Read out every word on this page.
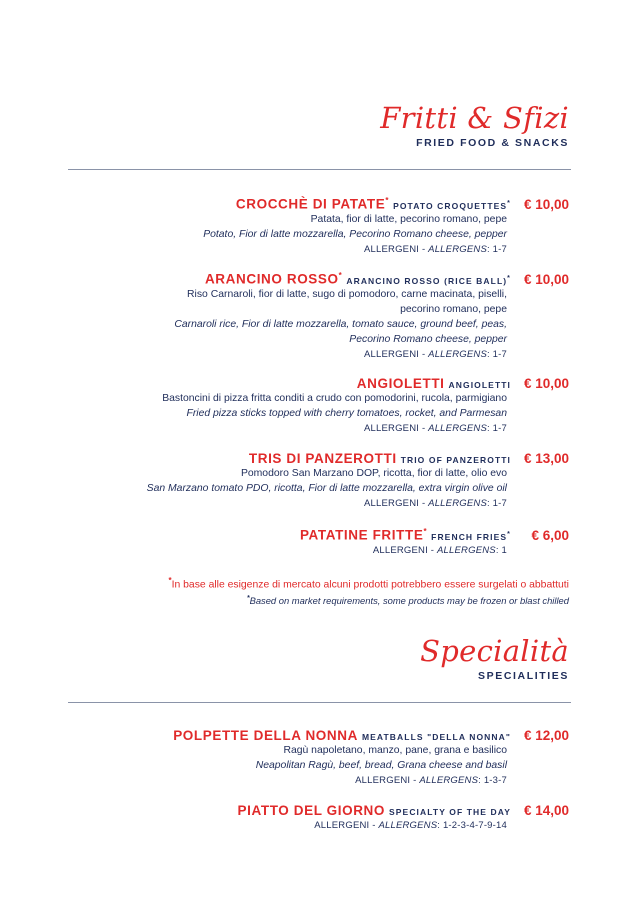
Fritti & Sfizi
FRIED FOOD & SNACKS
CROCCHÈ DI PATATE* POTATO CROQUETTES* € 10,00
Patata, fior di latte, pecorino romano, pepe
Potato, Fior di latte mozzarella, Pecorino Romano cheese, pepper
ALLERGENI - ALLERGENS: 1-7
ARANCINO ROSSO* ARANCINO ROSSO (RICE BALL)* € 10,00
Riso Carnaroli, fior di latte, sugo di pomodoro, carne macinata, piselli,
pecorino romano, pepe
Carnaroli rice, Fior di latte mozzarella, tomato sauce, ground beef, peas,
Pecorino Romano cheese, pepper
ALLERGENI - ALLERGENS: 1-7
ANGIOLETTI ANGIOLETTI € 10,00
Bastoncini di pizza fritta conditi a crudo con pomodorini, rucola, parmigiano
Fried pizza sticks topped with cherry tomatoes, rocket, and Parmesan
ALLERGENI - ALLERGENS: 1-7
TRIS DI PANZEROTTI TRIO OF PANZEROTTI € 13,00
Pomodoro San Marzano DOP, ricotta, fior di latte, olio evo
San Marzano tomato PDO, ricotta, Fior di latte mozzarella, extra virgin olive oil
ALLERGENI - ALLERGENS: 1-7
PATATINE FRITTE* FRENCH FRIES*	€ 6,00
ALLERGENI - ALLERGENS: 1
*In base alle esigenze di mercato alcuni prodotti potrebbero essere surgelati o abbattuti
*Based on market requirements, some products may be frozen or blast chilled
Specialità
SPECIALITIES
POLPETTE DELLA NONNA MEATBALLS "DELLA NONNA" € 12,00
Ragù napoletano, manzo, pane, grana e basilico
Neapolitan Ragù, beef, bread, Grana cheese and basil
ALLERGENI - ALLERGENS: 1-3-7
PIATTO DEL GIORNO SPECIALTY OF THE DAY € 14,00
ALLERGENI - ALLERGENS: 1-2-3-4-7-9-14
